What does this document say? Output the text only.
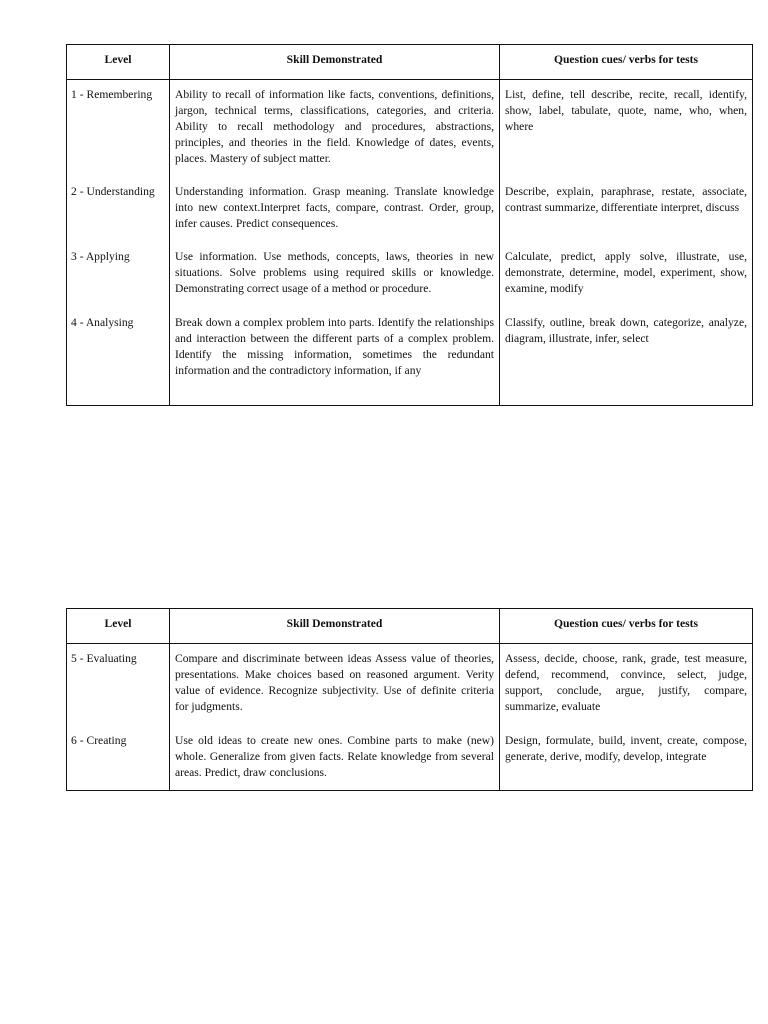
Level	Skill Demonstrated	Question cues/ verbs for tests
1 - Remembering	Ability to recall of information like facts, conventions, definitions, jargon, technical terms, classifications, categories, and criteria. Ability to recall methodology and procedures, abstractions, principles, and theories in the field. Knowledge of dates, events, places. Mastery of subject matter.	List, define, tell describe, recite, recall, identify, show, label, tabulate, quote, name, who, when, where
2 - Understanding	Understanding information. Grasp meaning. Translate knowledge into new context.Interpret facts, compare, contrast. Order, group, infer causes. Predict consequences.	Describe, explain, paraphrase, restate, associate, contrast summarize, differentiate interpret, discuss
3 - Applying	Use information. Use methods, concepts, laws, theories in new situations. Solve problems using required skills or knowledge. Demonstrating correct usage of a method or procedure.	Calculate, predict, apply solve, illustrate, use, demonstrate, determine, model, experiment, show, examine, modify
4 - Analysing	Break down a complex problem into parts. Identify the relationships and interaction between the different parts of a complex problem. Identify the missing information, sometimes the redundant information and the contradictory information, if any	Classify, outline, break down, categorize, analyze, diagram, illustrate, infer, select
Level	Skill Demonstrated	Question cues/ verbs for tests
5 - Evaluating	Compare and discriminate between ideas Assess value of theories, presentations. Make choices based on reasoned argument. Verity value of evidence. Recognize subjectivity. Use of definite criteria for judgments.	Assess, decide, choose, rank, grade, test measure, defend, recommend, convince, select, judge, support, conclude, argue, justify, compare, summarize, evaluate
6 - Creating	Use old ideas to create new ones. Combine parts to make (new) whole. Generalize from given facts. Relate knowledge from several areas. Predict, draw conclusions.	Design, formulate, build, invent, create, compose, generate, derive, modify, develop, integrate
